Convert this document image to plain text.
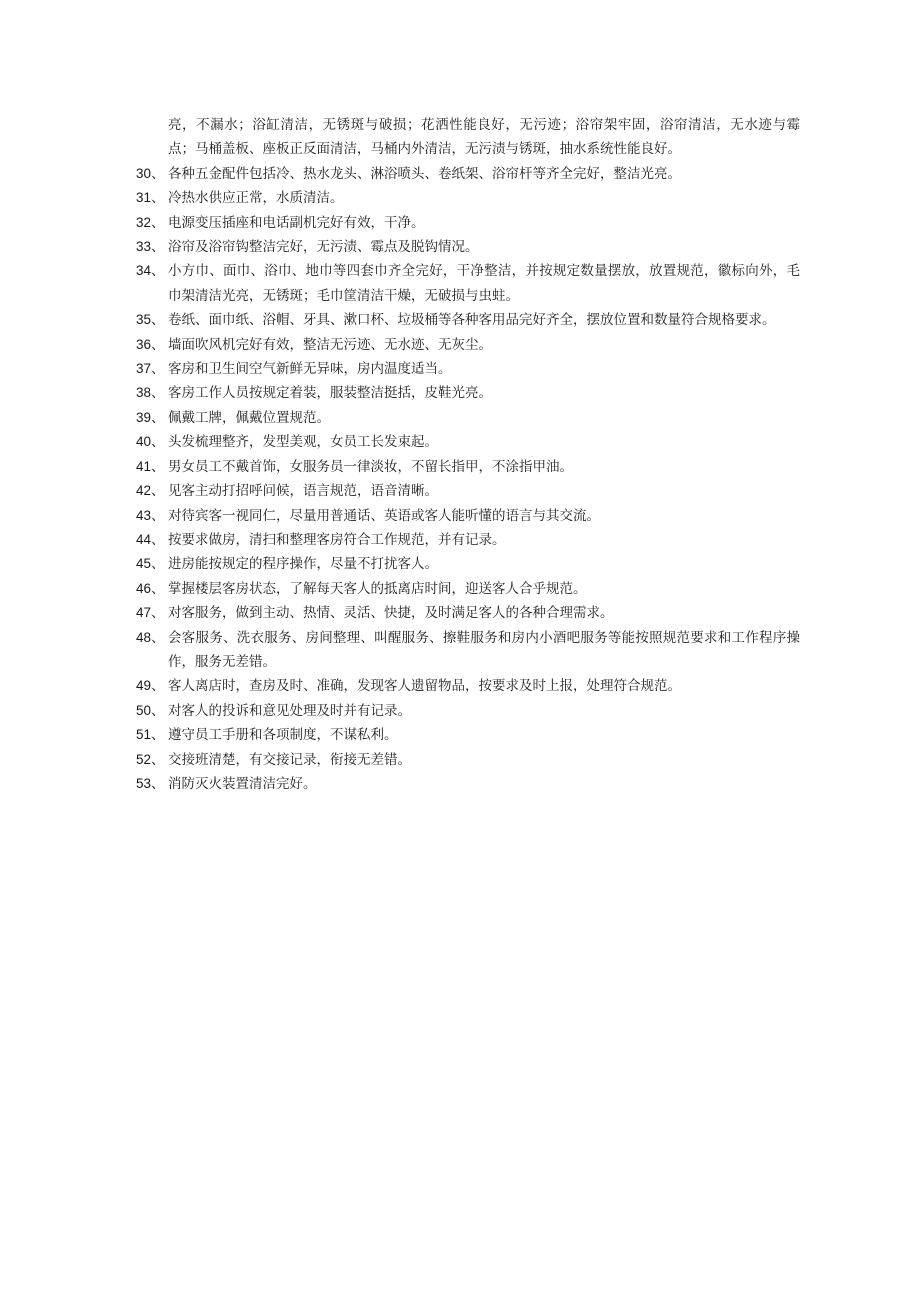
亮，不漏水；浴缸清洁，无锈斑与破损；花洒性能良好，无污迹；浴帘架牢固，浴帘清洁，无水迹与霉点；马桶盖板、座板正反面清洁，马桶内外清洁，无污渍与锈斑，抽水系统性能良好。
30、 各种五金配件包括冷、热水龙头、淋浴喷头、卷纸架、浴帘杆等齐全完好，整洁光亮。
31、 冷热水供应正常，水质清洁。
32、 电源变压插座和电话副机完好有效，干净。
33、 浴帘及浴帘钩整洁完好，无污渍、霉点及脱钩情况。
34、 小方巾、面巾、浴巾、地巾等四套巾齐全完好，干净整洁，并按规定数量摆放，放置规范，徽标向外，毛巾架清洁光亮，无锈斑；毛巾筐清洁干燥，无破损与虫蛀。
35、 卷纸、面巾纸、浴帽、牙具、漱口杯、垃圾桶等各种客用品完好齐全，摆放位置和数量符合规格要求。
36、 墙面吹风机完好有效，整洁无污迹、无水迹、无灰尘。
37、 客房和卫生间空气新鲜无异味，房内温度适当。
38、 客房工作人员按规定着装，服装整洁挺括，皮鞋光亮。
39、 佩戴工牌，佩戴位置规范。
40、 头发梳理整齐，发型美观，女员工长发束起。
41、 男女员工不戴首饰，女服务员一律淡妆，不留长指甲，不涂指甲油。
42、 见客主动打招呼问候，语言规范，语音清晰。
43、 对待宾客一视同仁，尽量用普通话、英语或客人能听懂的语言与其交流。
44、 按要求做房，清扫和整理客房符合工作规范，并有记录。
45、 进房能按规定的程序操作，尽量不打扰客人。
46、 掌握楼层客房状态，了解每天客人的抵离店时间，迎送客人合乎规范。
47、 对客服务，做到主动、热情、灵活、快捷，及时满足客人的各种合理需求。
48、 会客服务、洗衣服务、房间整理、叫醒服务、擦鞋服务和房内小酒吧服务等能按照规范要求和工作程序操作，服务无差错。
49、 客人离店时，查房及时、准确，发现客人遗留物品，按要求及时上报，处理符合规范。
50、 对客人的投诉和意见处理及时并有记录。
51、 遵守员工手册和各项制度，不谋私利。
52、 交接班清楚，有交接记录，衔接无差错。
53、 消防灭火装置清洁完好。
